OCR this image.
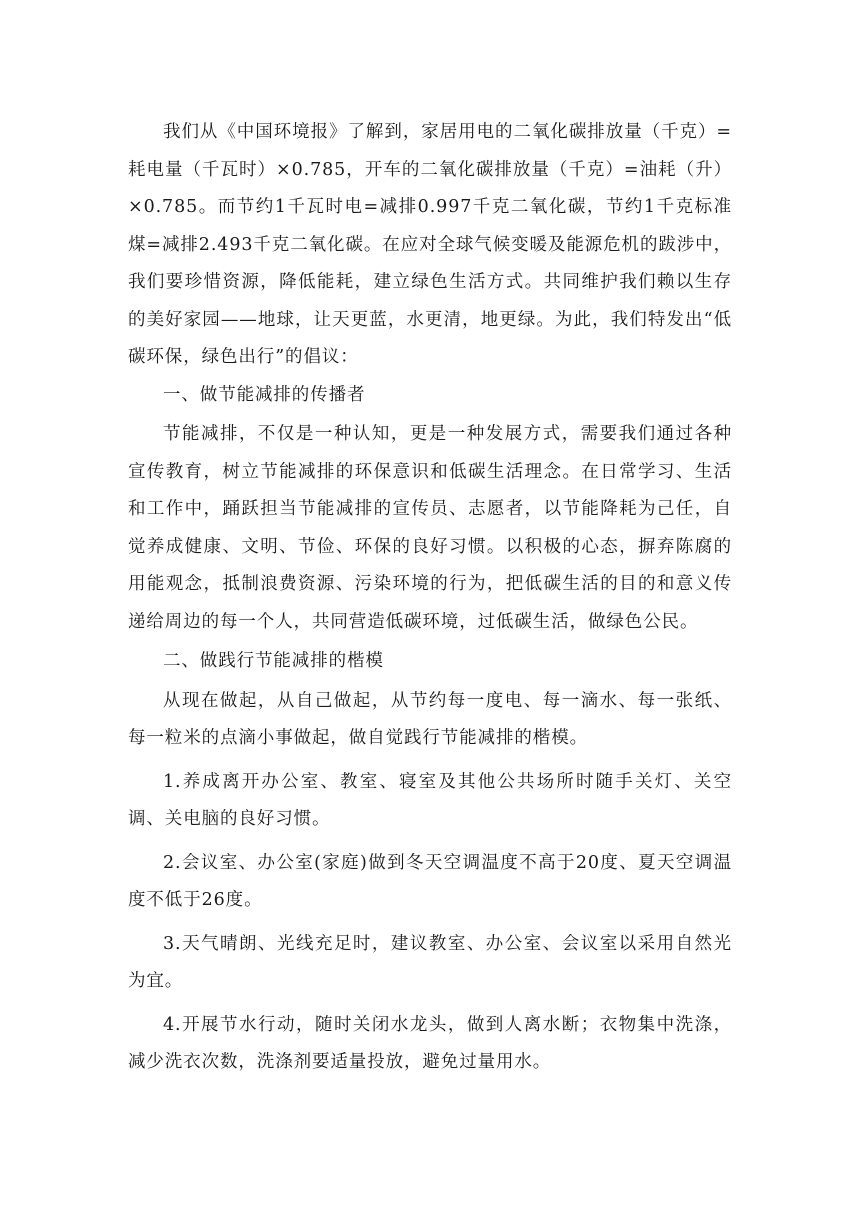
我们从《中国环境报》了解到，家居用电的二氧化碳排放量（千克）=耗电量（千瓦时）×0.785，开车的二氧化碳排放量（千克）=油耗（升）×0.785。而节约1千瓦时电=减排0.997千克二氧化碳，节约1千克标准煤=减排2.493千克二氧化碳。在应对全球气候变暖及能源危机的跋涉中，我们要珍惜资源，降低能耗，建立绿色生活方式。共同维护我们赖以生存的美好家园——地球，让天更蓝，水更清，地更绿。为此，我们特发出“低碳环保，绿色出行”的倡议：

一、做节能减排的传播者

节能减排，不仅是一种认知，更是一种发展方式，需要我们通过各种宣传教育，树立节能减排的环保意识和低碳生活理念。在日常学习、生活和工作中，踊跃担当节能减排的宣传员、志愿者，以节能降耗为己任，自觉养成健康、文明、节俭、环保的良好习惯。以积极的心态，摒弃陈腐的用能观念，抵制浪费资源、污染环境的行为，把低碳生活的目的和意义传递给周边的每一个人，共同营造低碳环境，过低碳生活，做绿色公民。

二、做践行节能减排的楷模

从现在做起，从自己做起，从节约每一度电、每一滴水、每一张纸、每一粒米的点滴小事做起，做自觉践行节能减排的楷模。

1.养成离开办公室、教室、寝室及其他公共场所时随手关灯、关空调、关电脑的良好习惯。

2.会议室、办公室(家庭)做到冬天空调温度不高于20度、夏天空调温度不低于26度。

3.天气晴朗、光线充足时，建议教室、办公室、会议室以采用自然光为宜。

4.开展节水行动，随时关闭水龙头，做到人离水断；衣物集中洗涤，减少洗衣次数，洗涤剂要适量投放，避免过量用水。
